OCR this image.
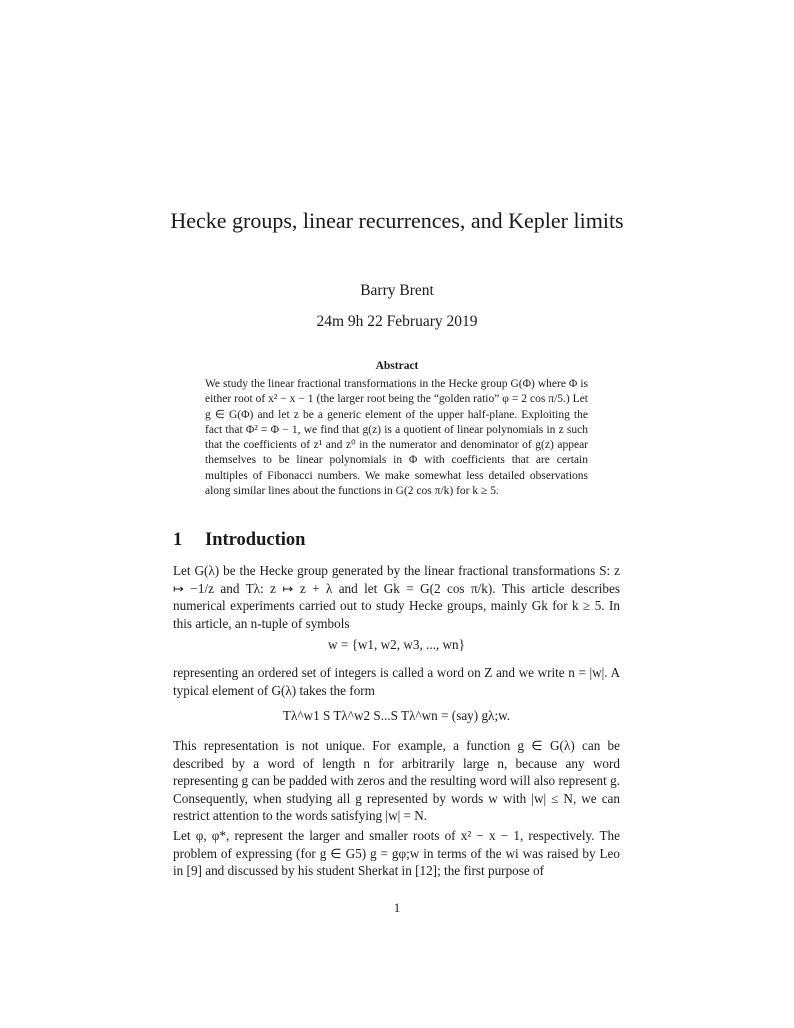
Hecke groups, linear recurrences, and Kepler limits
Barry Brent
24m 9h 22 February 2019
Abstract

We study the linear fractional transformations in the Hecke group G(Φ) where Φ is either root of x² − x − 1 (the larger root being the “golden ratio” φ = 2 cos π/5.) Let g ∈ G(Φ) and let z be a generic element of the upper half-plane. Exploiting the fact that Φ² = Φ − 1, we find that g(z) is a quotient of linear polynomials in z such that the coefficients of z¹ and z⁰ in the numerator and denominator of g(z) appear themselves to be linear polynomials in Φ with coefficients that are certain multiples of Fibonacci numbers. We make somewhat less detailed observations along similar lines about the functions in G(2 cos π/k) for k ≥ 5.

1 Introduction

Let G(λ) be the Hecke group generated by the linear fractional transformations S: z ↦ −1/z and Tλ: z ↦ z + λ and let Gk = G(2 cos π/k). This article describes numerical experiments carried out to study Hecke groups, mainly Gk for k ≥ 5. In this article, an n-tuple of symbols

w = {w1, w2, w3, ..., wn}

representing an ordered set of integers is called a word on Z and we write n = |w|. A typical element of G(λ) takes the form

Tλ^w1 S Tλ^w2 S...S Tλ^wn = (say) gλ;w.

This representation is not unique. For example, a function g ∈ G(λ) can be described by a word of length n for arbitrarily large n, because any word representing g can be padded with zeros and the resulting word will also represent g. Consequently, when studying all g represented by words w with |w| ≤ N, we can restrict attention to the words satisfying |w| = N.

Let φ, φ*, represent the larger and smaller roots of x² − x − 1, respectively. The problem of expressing (for g ∈ G5) g = gφ;w in terms of the wi was raised by Leo in [9] and discussed by his student Sherkat in [12]; the first purpose of

1
